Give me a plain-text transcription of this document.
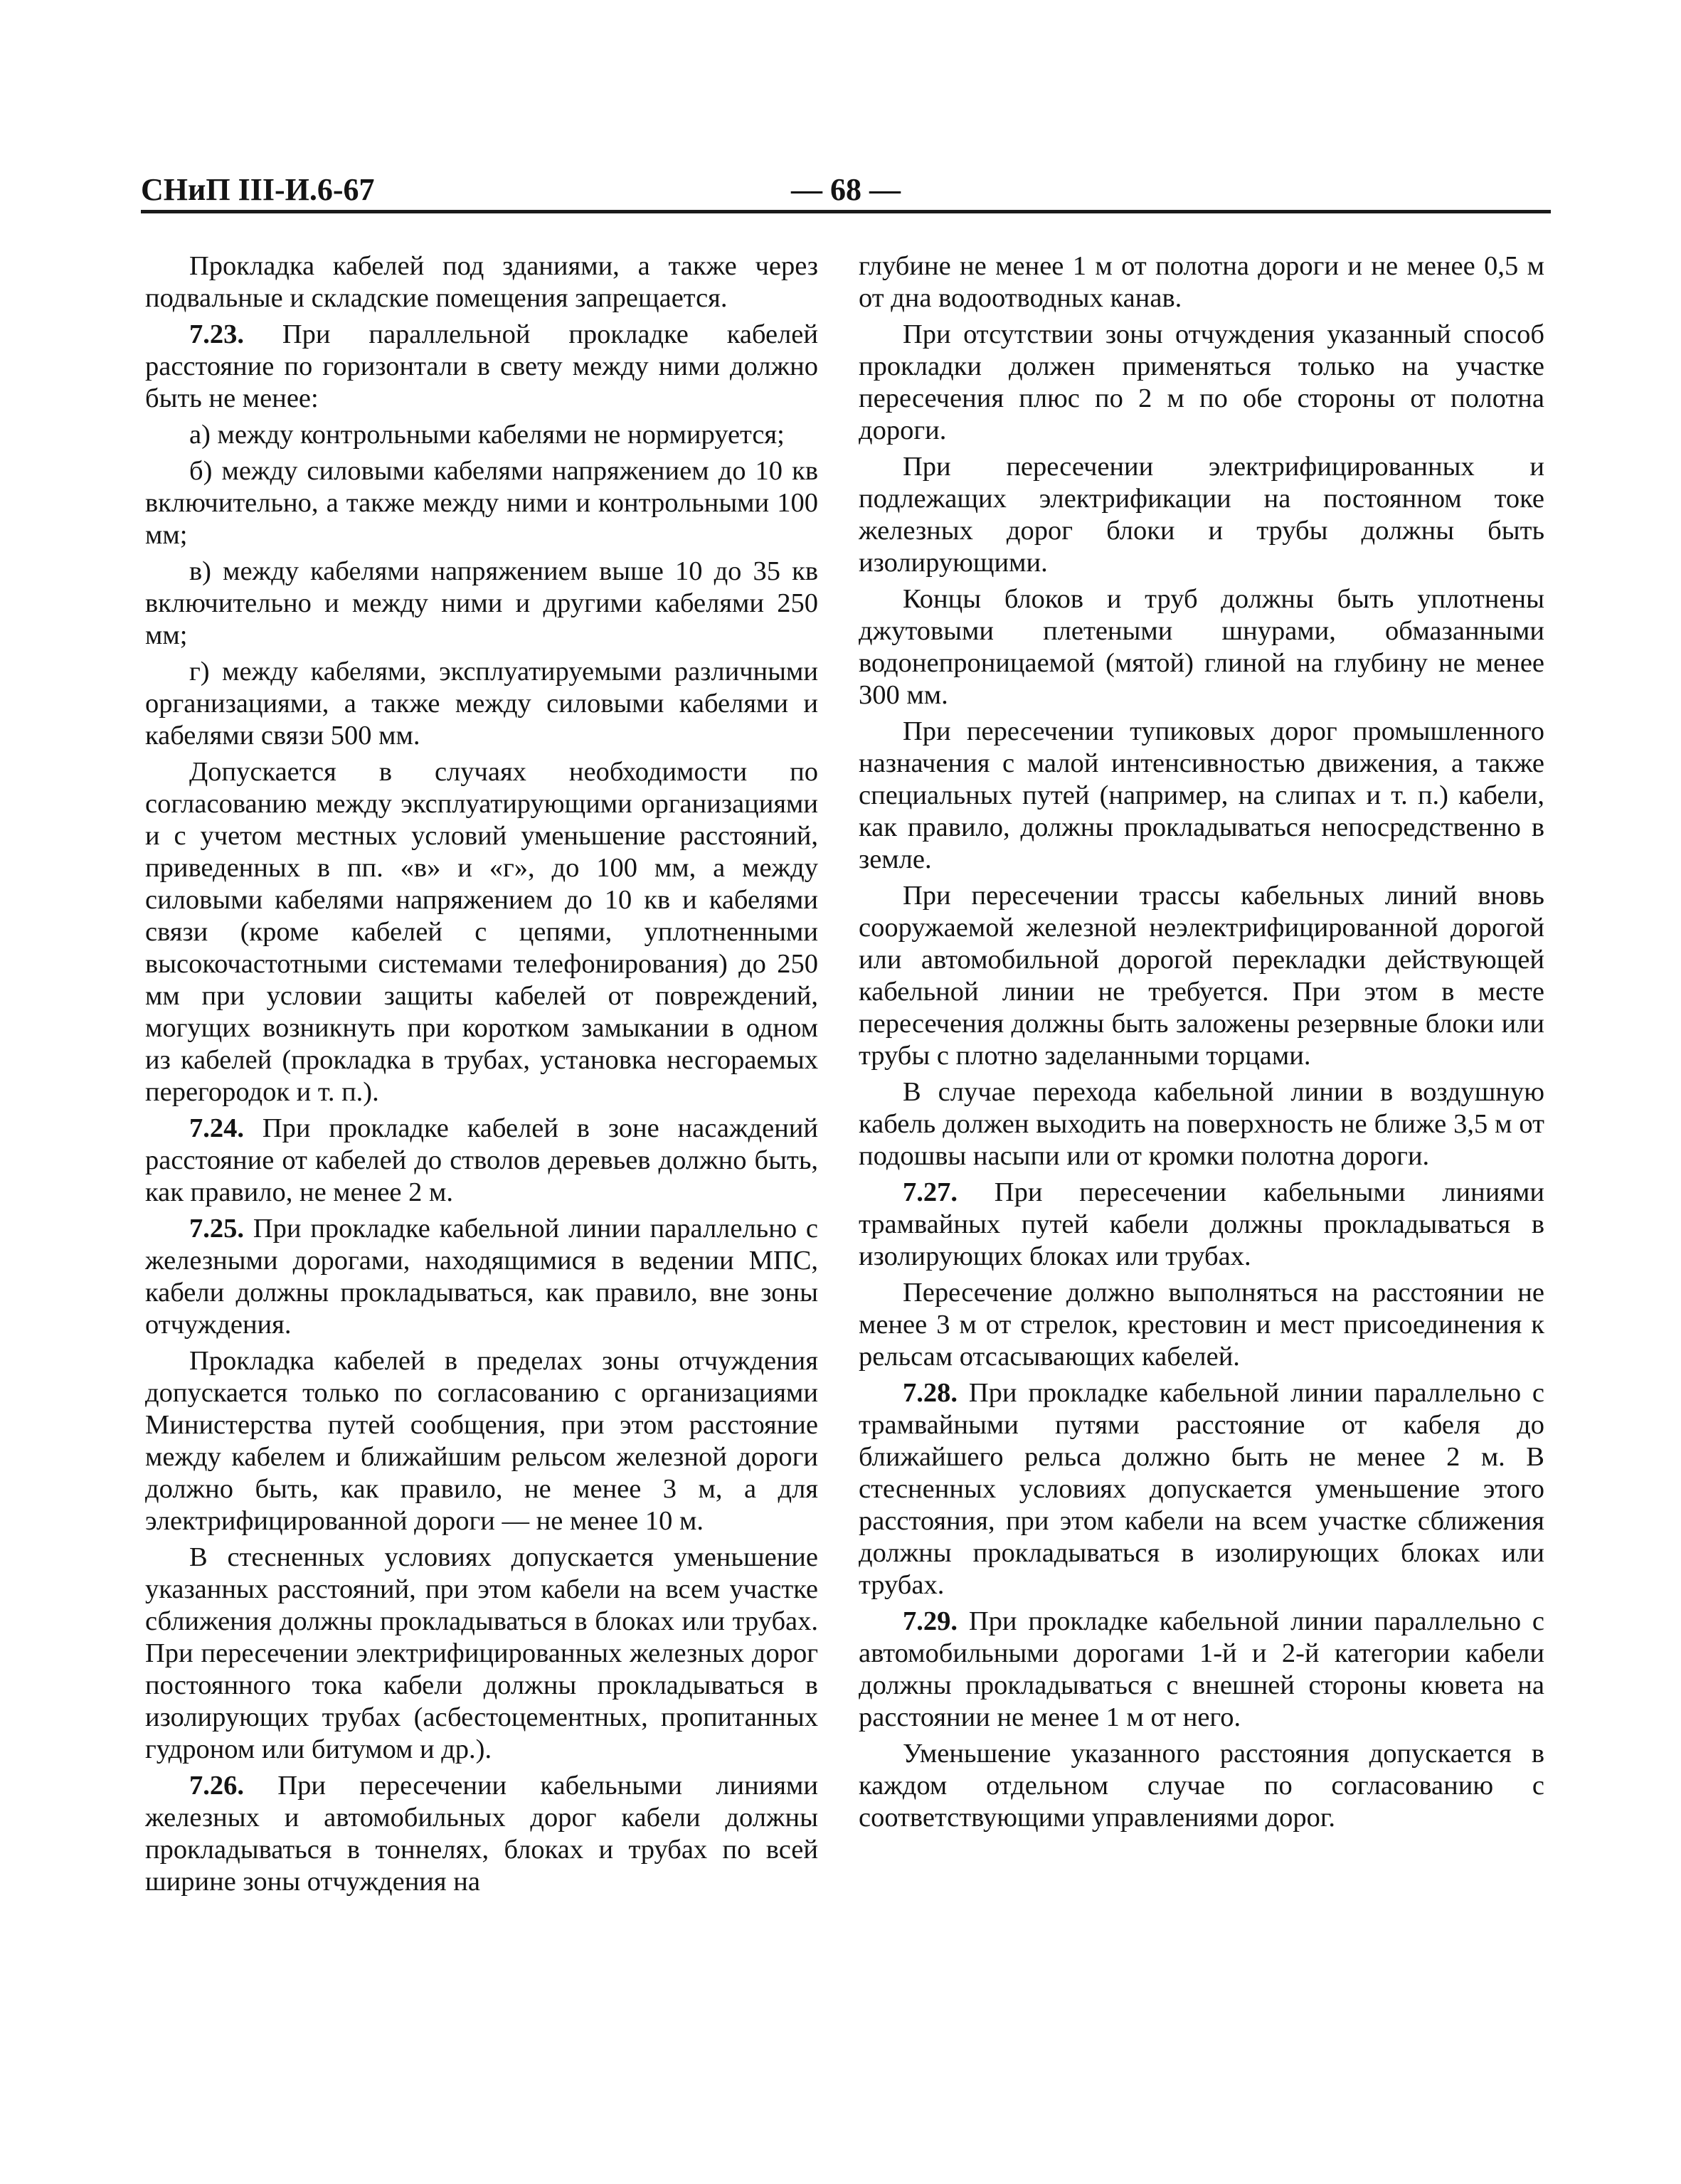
СНиП III-И.6-67	— 68 —

Прокладка кабелей под зданиями, а также через подвальные и складские помещения запрещается.

7.23. При параллельной прокладке кабелей расстояние по горизонтали в свету между ними должно быть не менее:

а) между контрольными кабелями не нормируется;

б) между силовыми кабелями напряжением до 10 кв включительно, а также между ними и контрольными 100 мм;

в) между кабелями напряжением выше 10 до 35 кв включительно и между ними и другими кабелями 250 мм;

г) между кабелями, эксплуатируемыми различными организациями, а также между силовыми кабелями и кабелями связи 500 мм.

Допускается в случаях необходимости по согласованию между эксплуатирующими организациями и с учетом местных условий уменьшение расстояний, приведенных в пп. «в» и «г», до 100 мм, а между силовыми кабелями напряжением до 10 кв и кабелями связи (кроме кабелей с цепями, уплотненными высокочастотными системами телефонирования) до 250 мм при условии защиты кабелей от повреждений, могущих возникнуть при коротком замыкании в одном из кабелей (прокладка в трубах, установка несгораемых перегородок и т. п.).

7.24. При прокладке кабелей в зоне насаждений расстояние от кабелей до стволов деревьев должно быть, как правило, не менее 2 м.

7.25. При прокладке кабельной линии параллельно с железными дорогами, находящимися в ведении МПС, кабели должны прокладываться, как правило, вне зоны отчуждения.

Прокладка кабелей в пределах зоны отчуждения допускается только по согласованию с организациями Министерства путей сообщения, при этом расстояние между кабелем и ближайшим рельсом железной дороги должно быть, как правило, не менее 3 м, а для электрифицированной дороги — не менее 10 м.

В стесненных условиях допускается уменьшение указанных расстояний, при этом кабели на всем участке сближения должны прокладываться в блоках или трубах. При пересечении электрифицированных железных дорог постоянного тока кабели должны прокладываться в изолирующих трубах (асбестоцементных, пропитанных гудроном или битумом и др.).

7.26. При пересечении кабельными линиями железных и автомобильных дорог кабели должны прокладываться в тоннелях, блоках и трубах по всей ширине зоны отчуждения на

глубине не менее 1 м от полотна дороги и не менее 0,5 м от дна водоотводных канав.

При отсутствии зоны отчуждения указанный способ прокладки должен применяться только на участке пересечения плюс по 2 м по обе стороны от полотна дороги.

При пересечении электрифицированных и подлежащих электрификации на постоянном токе железных дорог блоки и трубы должны быть изолирующими.

Концы блоков и труб должны быть уплотнены джутовыми плетеными шнурами, обмазанными водонепроницаемой (мятой) глиной на глубину не менее 300 мм.

При пересечении тупиковых дорог промышленного назначения с малой интенсивностью движения, а также специальных путей (например, на слипах и т. п.) кабели, как правило, должны прокладываться непосредственно в земле.

При пересечении трассы кабельных линий вновь сооружаемой железной неэлектрифицированной дорогой или автомобильной дорогой перекладки действующей кабельной линии не требуется. При этом в месте пересечения должны быть заложены резервные блоки или трубы с плотно заделанными торцами.

В случае перехода кабельной линии в воздушную кабель должен выходить на поверхность не ближе 3,5 м от подошвы насыпи или от кромки полотна дороги.

7.27. При пересечении кабельными линиями трамвайных путей кабели должны прокладываться в изолирующих блоках или трубах.

Пересечение должно выполняться на расстоянии не менее 3 м от стрелок, крестовин и мест присоединения к рельсам отсасывающих кабелей.

7.28. При прокладке кабельной линии параллельно с трамвайными путями расстояние от кабеля до ближайшего рельса должно быть не менее 2 м. В стесненных условиях допускается уменьшение этого расстояния, при этом кабели на всем участке сближения должны прокладываться в изолирующих блоках или трубах.

7.29. При прокладке кабельной линии параллельно с автомобильными дорогами 1-й и 2-й категории кабели должны прокладываться с внешней стороны кювета на расстоянии не менее 1 м от него.

Уменьшение указанного расстояния допускается в каждом отдельном случае по согласованию с соответствующими управлениями дорог.
